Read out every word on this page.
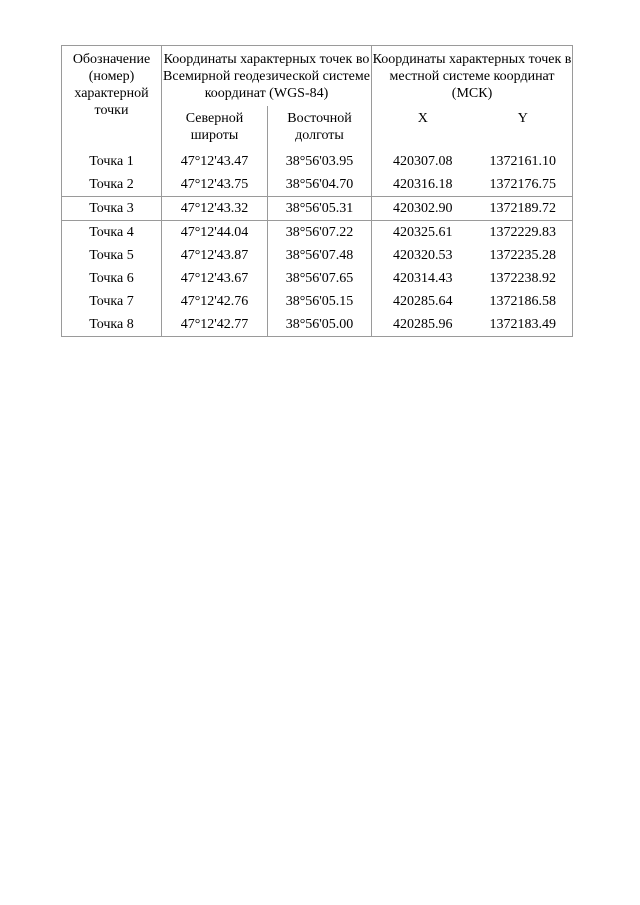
Обозначение (номер) характерной точки	Координаты характерных точек во Всемирной геодезической системе координат (WGS-84)		Координаты характерных точек в местной системе координат (МСК)	
	Северной широты	Восточной долготы	X	Y
Точка 1	47°12'43.47	38°56'03.95	420307.08	1372161.10
Точка 2	47°12'43.75	38°56'04.70	420316.18	1372176.75
Точка 3	47°12'43.32	38°56'05.31	420302.90	1372189.72
Точка 4	47°12'44.04	38°56'07.22	420325.61	1372229.83
Точка 5	47°12'43.87	38°56'07.48	420320.53	1372235.28
Точка 6	47°12'43.67	38°56'07.65	420314.43	1372238.92
Точка 7	47°12'42.76	38°56'05.15	420285.64	1372186.58
Точка 8	47°12'42.77	38°56'05.00	420285.96	1372183.49
